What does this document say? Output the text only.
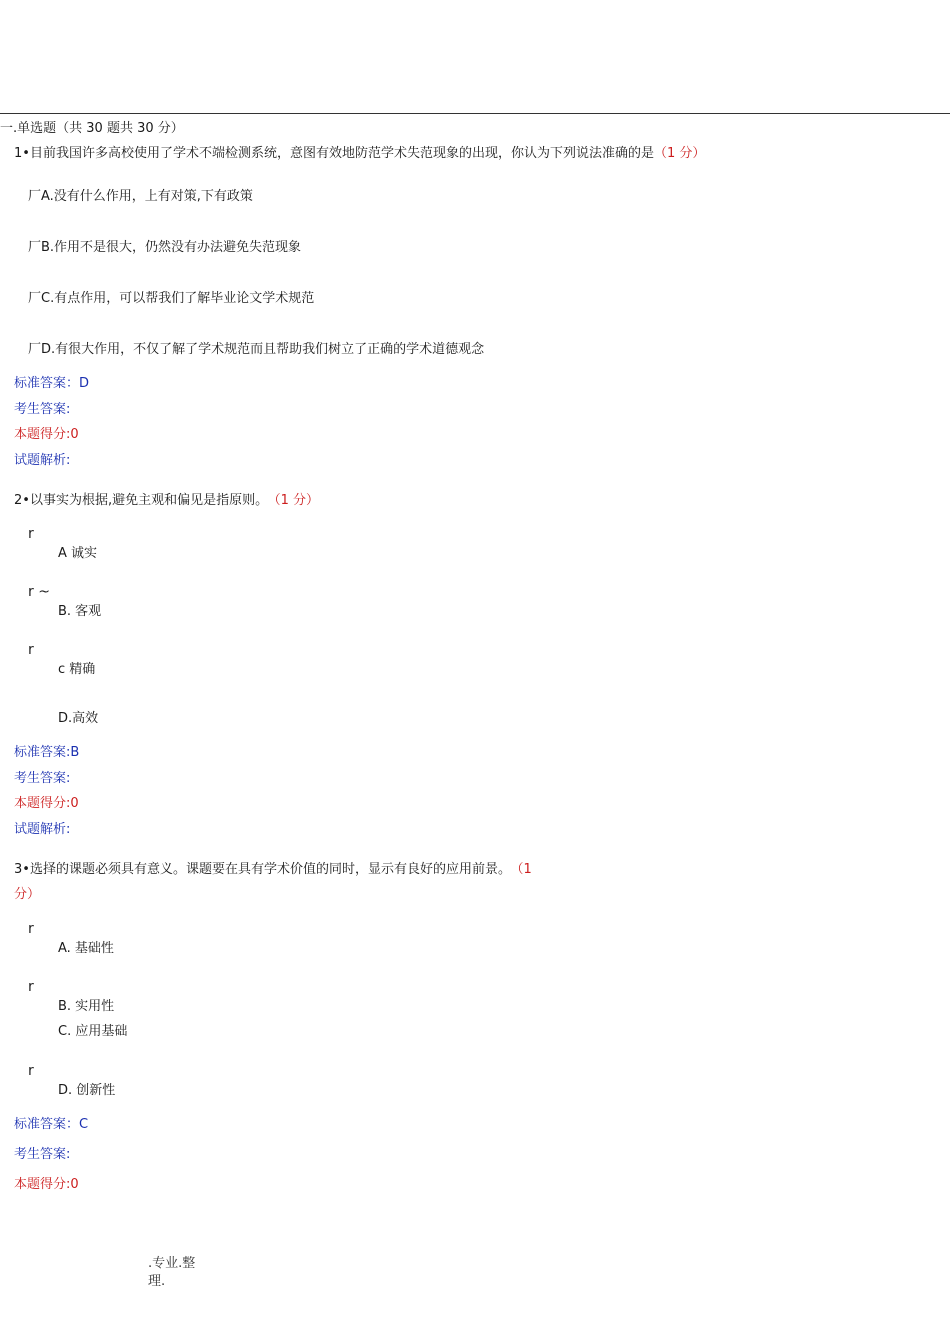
一.单选题（共 30 题共 30 分）
1•目前我国许多高校使用了学术不端检测系统，意图有效地防范学术失范现象的出现，你认为下列说法准确的是（1 分）
厂A.没有什么作用，上有对策,下有政策
厂B.作用不是很大，仍然没有办法避免失范现象
厂C.有点作用，可以帮我们了解毕业论文学术规范
厂D.有很大作用，不仅了解了学术规范而且帮助我们树立了正确的学术道德观念
标准答案：D
考生答案:
本题得分:0
试题解析:
2•以事实为根据,避免主观和偏见是指原则。 （1 分）
r
A 诚实
r ~
B. 客观
r
c 精确
D.高效
标准答案:B
考生答案:
本题得分:0
试题解析:
3•选择的课题必须具有意义。课题要在具有学术价值的同时，显示有良好的应用前景。 （1
分）
r
A. 基础性
r
B. 实用性
C. 应用基础
r
D. 创新性
标准答案：C
考生答案:
本题得分:0
.专业.整
理.
